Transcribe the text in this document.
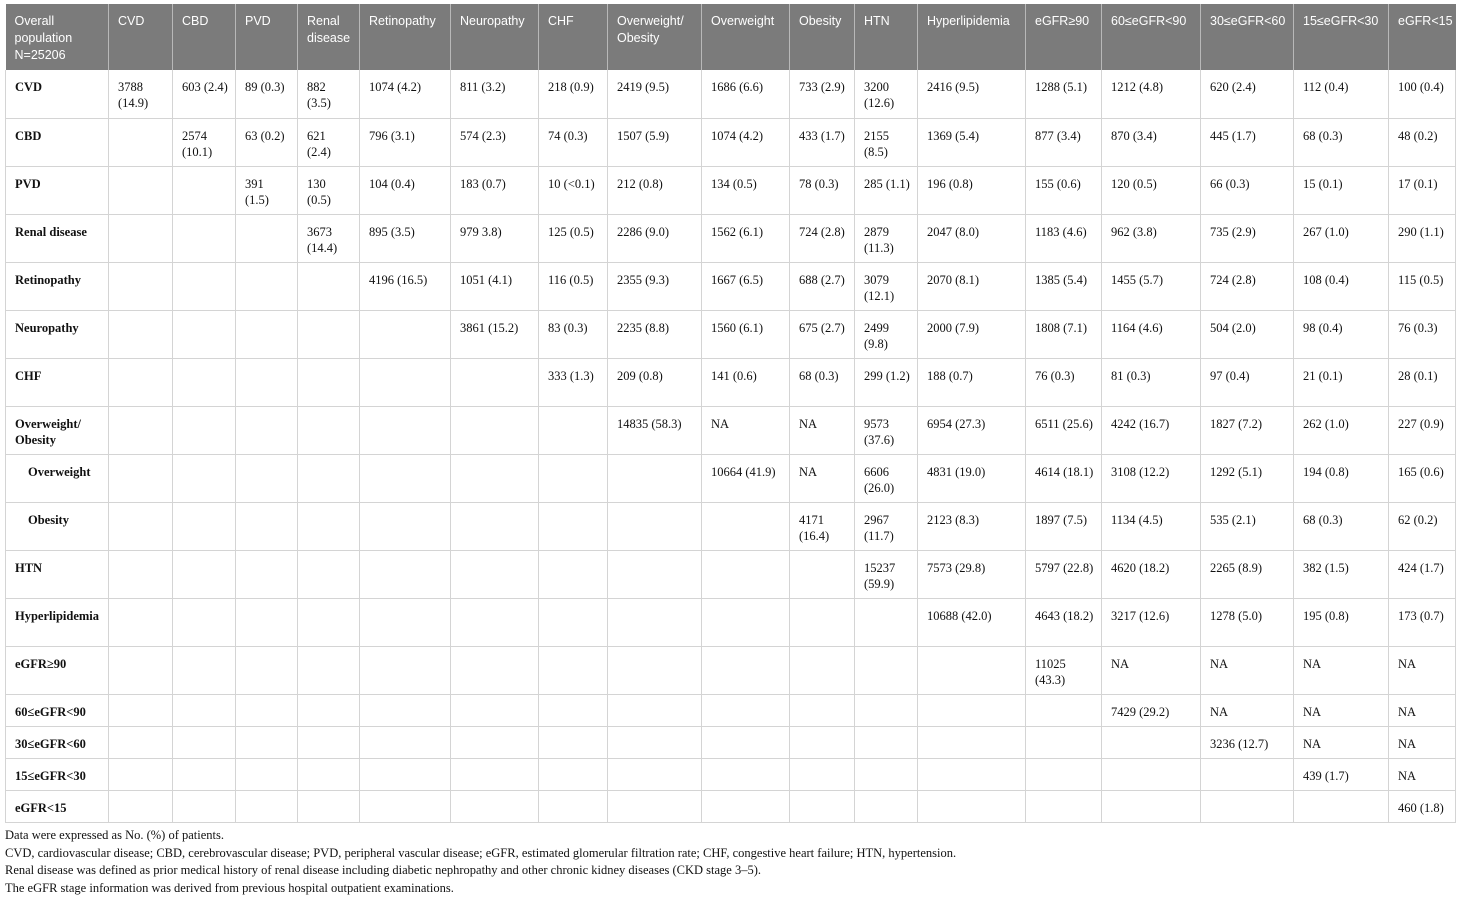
Overall population N=25206	CVD	CBD	PVD	Renal disease	Retinopathy	Neuropathy	CHF	Overweight/ Obesity	Overweight	Obesity	HTN	Hyperlipidemia	eGFR≥90	60≤eGFR<90	30≤eGFR<60	15≤eGFR<30	eGFR<15
CVD	3788 (14.9)	603 (2.4)	89 (0.3)	882 (3.5)	1074 (4.2)	811 (3.2)	218 (0.9)	2419 (9.5)	1686 (6.6)	733 (2.9)	3200 (12.6)	2416 (9.5)	1288 (5.1)	1212 (4.8)	620 (2.4)	112 (0.4)	100 (0.4)
CBD		2574 (10.1)	63 (0.2)	621 (2.4)	796 (3.1)	574 (2.3)	74 (0.3)	1507 (5.9)	1074 (4.2)	433 (1.7)	2155 (8.5)	1369 (5.4)	877 (3.4)	870 (3.4)	445 (1.7)	68 (0.3)	48 (0.2)
PVD			391 (1.5)	130 (0.5)	104 (0.4)	183 (0.7)	10 (<0.1)	212 (0.8)	134 (0.5)	78 (0.3)	285 (1.1)	196 (0.8)	155 (0.6)	120 (0.5)	66 (0.3)	15 (0.1)	17 (0.1)
Renal disease				3673 (14.4)	895 (3.5)	979 3.8)	125 (0.5)	2286 (9.0)	1562 (6.1)	724 (2.8)	2879 (11.3)	2047 (8.0)	1183 (4.6)	962 (3.8)	735 (2.9)	267 (1.0)	290 (1.1)
Retinopathy					4196 (16.5)	1051 (4.1)	116 (0.5)	2355 (9.3)	1667 (6.5)	688 (2.7)	3079 (12.1)	2070 (8.1)	1385 (5.4)	1455 (5.7)	724 (2.8)	108 (0.4)	115 (0.5)
Neuropathy						3861 (15.2)	83 (0.3)	2235 (8.8)	1560 (6.1)	675 (2.7)	2499 (9.8)	2000 (7.9)	1808 (7.1)	1164 (4.6)	504 (2.0)	98 (0.4)	76 (0.3)
CHF							333 (1.3)	209 (0.8)	141 (0.6)	68 (0.3)	299 (1.2)	188 (0.7)	76 (0.3)	81 (0.3)	97 (0.4)	21 (0.1)	28 (0.1)
Overweight/ Obesity								14835 (58.3)	NA	NA	9573 (37.6)	6954 (27.3)	6511 (25.6)	4242 (16.7)	1827 (7.2)	262 (1.0)	227 (0.9)
Overweight									10664 (41.9)	NA	6606 (26.0)	4831 (19.0)	4614 (18.1)	3108 (12.2)	1292 (5.1)	194 (0.8)	165 (0.6)
Obesity										4171 (16.4)	2967 (11.7)	2123 (8.3)	1897 (7.5)	1134 (4.5)	535 (2.1)	68 (0.3)	62 (0.2)
HTN											15237 (59.9)	7573 (29.8)	5797 (22.8)	4620 (18.2)	2265 (8.9)	382 (1.5)	424 (1.7)
Hyperlipidemia												10688 (42.0)	4643 (18.2)	3217 (12.6)	1278 (5.0)	195 (0.8)	173 (0.7)
eGFR≥90													11025 (43.3)	NA	NA	NA	NA
60≤eGFR<90														7429 (29.2)	NA	NA	NA
30≤eGFR<60															3236 (12.7)	NA	NA
15≤eGFR<30																439 (1.7)	NA
eGFR<15																	460 (1.8)
Data were expressed as No. (%) of patients.
CVD, cardiovascular disease; CBD, cerebrovascular disease; PVD, peripheral vascular disease; eGFR, estimated glomerular filtration rate; CHF, congestive heart failure; HTN, hypertension.
Renal disease was defined as prior medical history of renal disease including diabetic nephropathy and other chronic kidney diseases (CKD stage 3–5).
The eGFR stage information was derived from previous hospital outpatient examinations.
